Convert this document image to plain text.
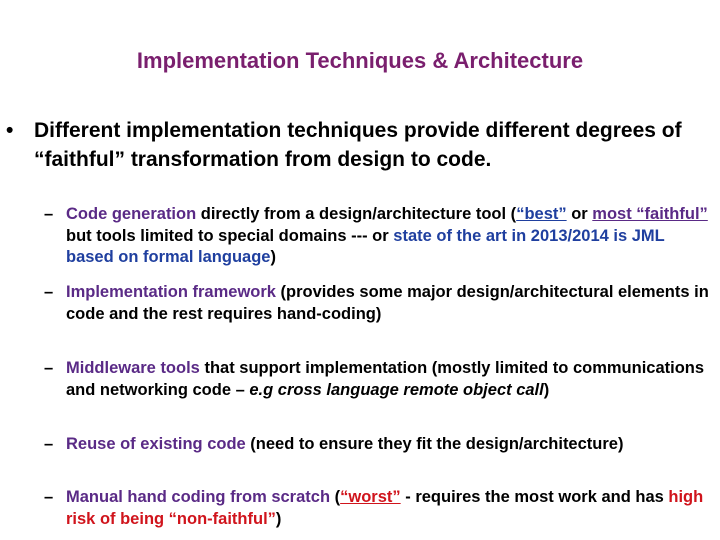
Implementation Techniques & Architecture
• Different implementation techniques provide different degrees of “faithful” transformation from design to code.
– Code generation directly from a design/architecture tool (“best” or most “faithful” but tools limited to special domains --- or state of the art in 2013/2014 is JML based on formal language)
– Implementation framework (provides some major design/architectural elements in code and the rest requires hand-coding)
– Middleware tools that support implementation (mostly limited to communications and networking code – e.g cross language remote object call)
– Reuse of existing code (need to ensure they fit the design/architecture)
– Manual hand coding from scratch (“worst” - requires the most work and has high risk of being “non-faithful”)
